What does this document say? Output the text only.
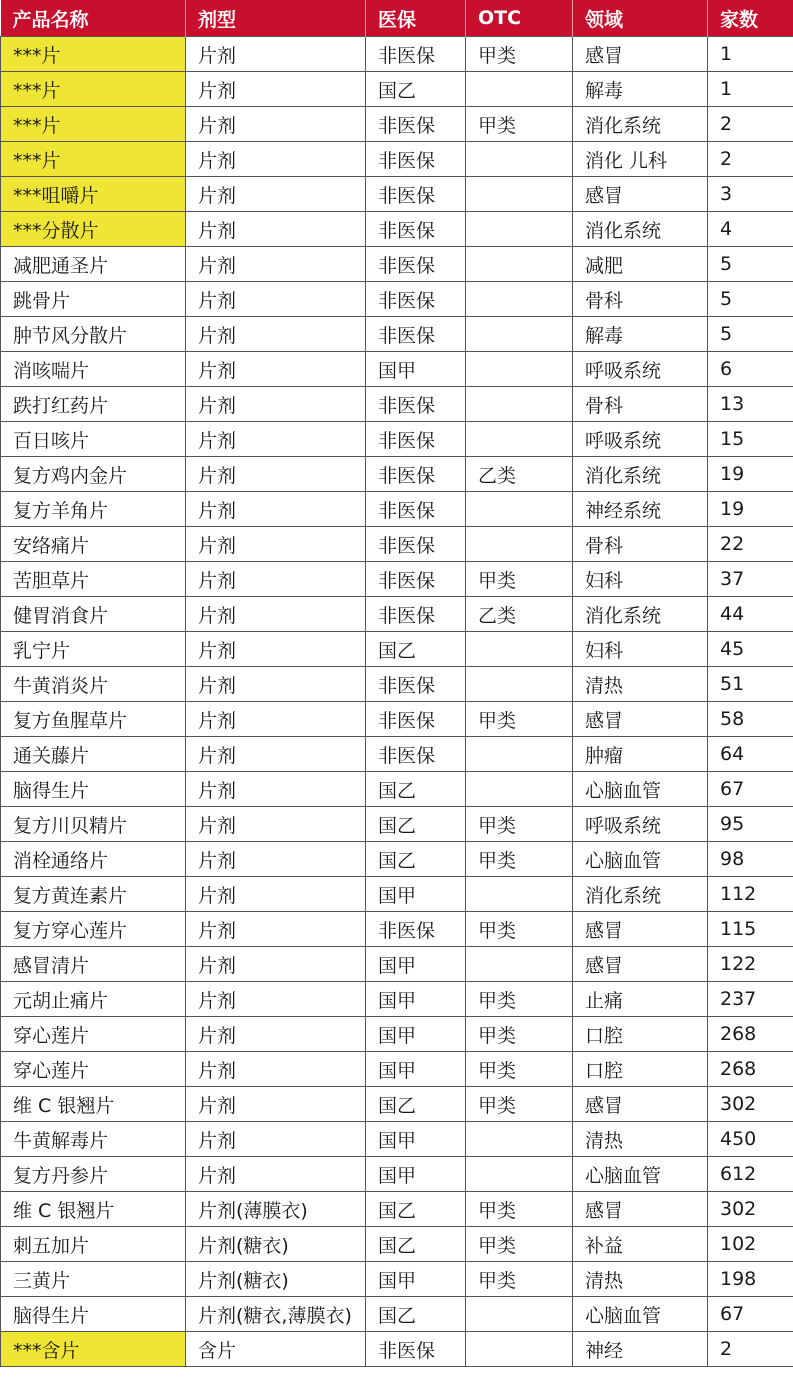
产品名称	剂型	医保	OTC	领域	家数
***片	片剂	非医保	甲类	感冒	1
***片	片剂	国乙		解毒	1
***片	片剂	非医保	甲类	消化系统	2
***片	片剂	非医保		消化 儿科	2
***咀嚼片	片剂	非医保		感冒	3
***分散片	片剂	非医保		消化系统	4
减肥通圣片	片剂	非医保		减肥	5
跳骨片	片剂	非医保		骨科	5
肿节风分散片	片剂	非医保		解毒	5
消咳喘片	片剂	国甲		呼吸系统	6
跌打红药片	片剂	非医保		骨科	13
百日咳片	片剂	非医保		呼吸系统	15
复方鸡内金片	片剂	非医保	乙类	消化系统	19
复方羊角片	片剂	非医保		神经系统	19
安络痛片	片剂	非医保		骨科	22
苦胆草片	片剂	非医保	甲类	妇科	37
健胃消食片	片剂	非医保	乙类	消化系统	44
乳宁片	片剂	国乙		妇科	45
牛黄消炎片	片剂	非医保		清热	51
复方鱼腥草片	片剂	非医保	甲类	感冒	58
通关藤片	片剂	非医保		肿瘤	64
脑得生片	片剂	国乙		心脑血管	67
复方川贝精片	片剂	国乙	甲类	呼吸系统	95
消栓通络片	片剂	国乙	甲类	心脑血管	98
复方黄连素片	片剂	国甲		消化系统	112
复方穿心莲片	片剂	非医保	甲类	感冒	115
感冒清片	片剂	国甲		感冒	122
元胡止痛片	片剂	国甲	甲类	止痛	237
穿心莲片	片剂	国甲	甲类	口腔	268
穿心莲片	片剂	国甲	甲类	口腔	268
维 C 银翘片	片剂	国乙	甲类	感冒	302
牛黄解毒片	片剂	国甲		清热	450
复方丹参片	片剂	国甲		心脑血管	612
维 C 银翘片	片剂(薄膜衣)	国乙	甲类	感冒	302
刺五加片	片剂(糖衣)	国乙	甲类	补益	102
三黄片	片剂(糖衣)	国甲	甲类	清热	198
脑得生片	片剂(糖衣,薄膜衣)	国乙		心脑血管	67
***含片	含片	非医保		神经	2
